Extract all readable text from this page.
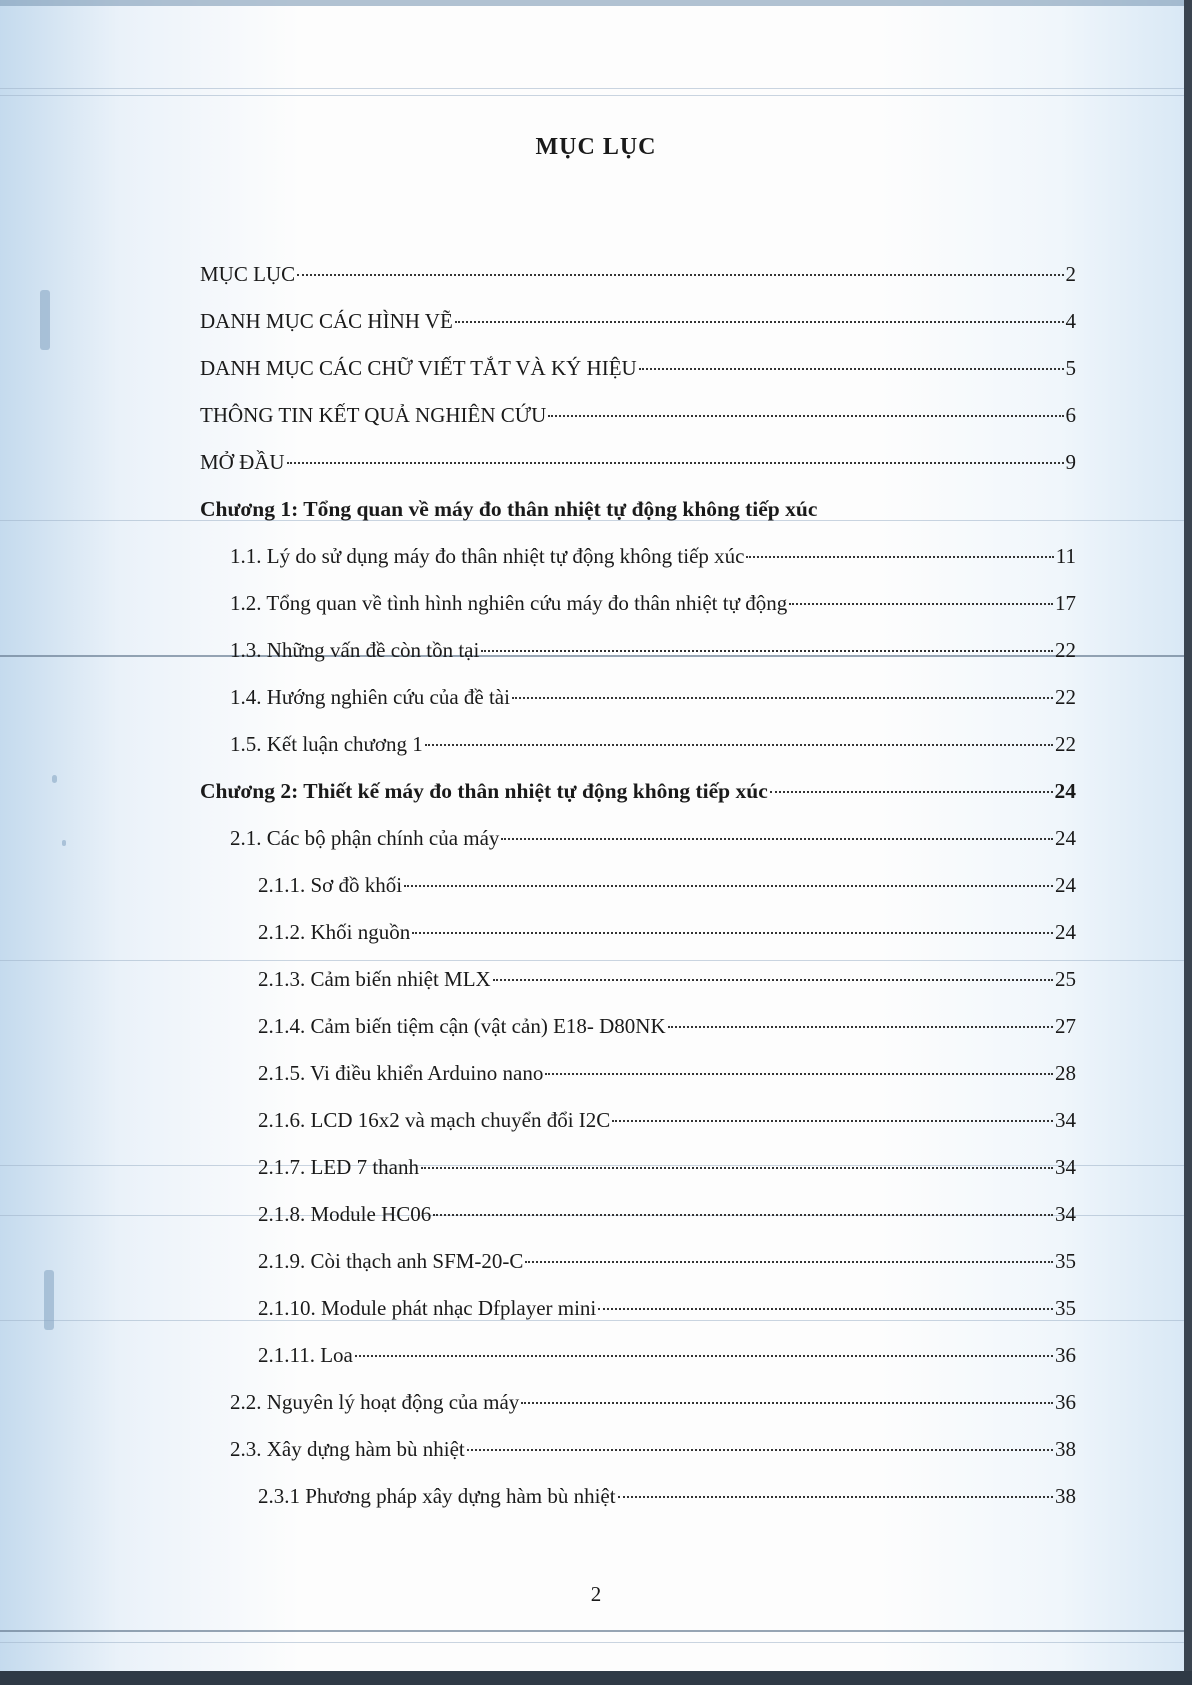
MỤC LỤC
MỤC LỤC	2
DANH MỤC CÁC HÌNH VẼ	4
DANH MỤC CÁC CHỮ VIẾT TẮT VÀ KÝ HIỆU	5
THÔNG TIN KẾT QUẢ NGHIÊN CỨU	6
MỞ ĐẦU	9
Chương 1: Tổng quan về máy đo thân nhiệt tự động không tiếp xúc
1.1. Lý do sử dụng máy đo thân nhiệt tự động không tiếp xúc	11
1.2. Tổng quan về tình hình nghiên cứu máy đo thân nhiệt tự động	17
1.3. Những vấn đề còn tồn tại	22
1.4. Hướng nghiên cứu của đề tài	22
1.5. Kết luận chương 1	22
Chương 2: Thiết kế máy đo thân nhiệt tự động không tiếp xúc	24
2.1. Các bộ phận chính của máy	24
2.1.1. Sơ đồ khối	24
2.1.2. Khối nguồn	24
2.1.3. Cảm biến nhiệt MLX	25
2.1.4. Cảm biến tiệm cận (vật cản) E18- D80NK	27
2.1.5. Vi điều khiển Arduino nano	28
2.1.6. LCD 16x2 và mạch chuyển đổi I2C	34
2.1.7. LED 7 thanh	34
2.1.8. Module HC06	34
2.1.9. Còi thạch anh SFM-20-C	35
2.1.10. Module phát nhạc Dfplayer mini	35
2.1.11. Loa	36
2.2. Nguyên lý hoạt động của máy	36
2.3. Xây dựng hàm bù nhiệt	38
2.3.1 Phương pháp xây dựng hàm bù nhiệt	38
2
